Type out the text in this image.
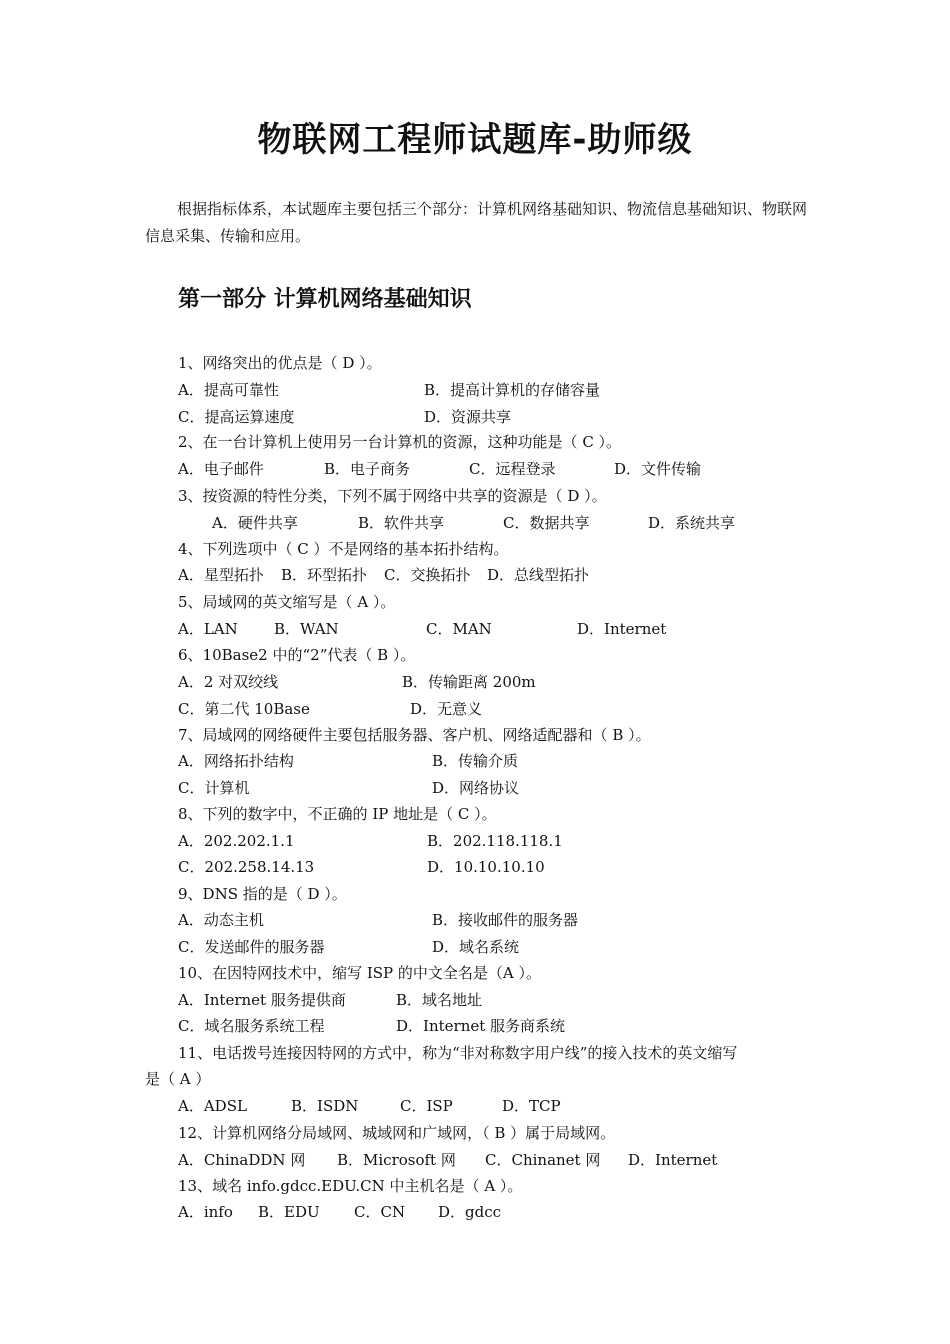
物联网工程师试题库-助师级
根据指标体系，本试题库主要包括三个部分：计算机网络基础知识、物流信息基础知识、物联网信息采集、传输和应用。
第一部分 计算机网络基础知识
1、网络突出的优点是（ D ）。
A．提高可靠性	B．提高计算机的存储容量
C．提高运算速度	D．资源共享
2、在一台计算机上使用另一台计算机的资源，这种功能是（ C ）。
A．电子邮件	B．电子商务	C．远程登录	D．文件传输
3、按资源的特性分类，下列不属于网络中共享的资源是（ D ）。
A．硬件共享	B．软件共享	C．数据共享	D．系统共享
4、下列选项中（ C ）不是网络的基本拓扑结构。
A．星型拓扑 B．环型拓扑 C．交换拓扑 D．总线型拓扑
5、局域网的英文缩写是（ A ）。
A．LAN B．WAN	C．MAN	D．Internet
6、10Base2 中的“2”代表（ B ）。
A．2 对双绞线	B．传输距离 200m
C．第二代 10Base	D．无意义
7、局域网的网络硬件主要包括服务器、客户机、网络适配器和（ B ）。
A．网络拓扑结构	B．传输介质
C．计算机	D．网络协议
8、下列的数字中，不正确的 IP 地址是（ C ）。
A．202.202.1.1	B．202.118.118.1
C．202.258.14.13	D．10.10.10.10
9、DNS 指的是（ D ）。
A．动态主机	B．接收邮件的服务器
C．发送邮件的服务器	D．域名系统
10、在因特网技术中，缩写 ISP 的中文全名是（A ）。
A．Internet 服务提供商	B．域名地址
C．域名服务系统工程	D．Internet 服务商系统
11、电话拨号连接因特网的方式中，称为“非对称数字用户线”的接入技术的英文缩写
是（ A ）
A．ADSL	B．ISDN	C．ISP	D．TCP
12、计算机网络分局域网、城域网和广域网，（ B ）属于局域网。
A．ChinaDDN 网 B．Microsoft 网 C．Chinanet 网 D．Internet
13、域名 info.gdcc.EDU.CN 中主机名是（ A ）。
A．info B．EDU C．CN D．gdcc
